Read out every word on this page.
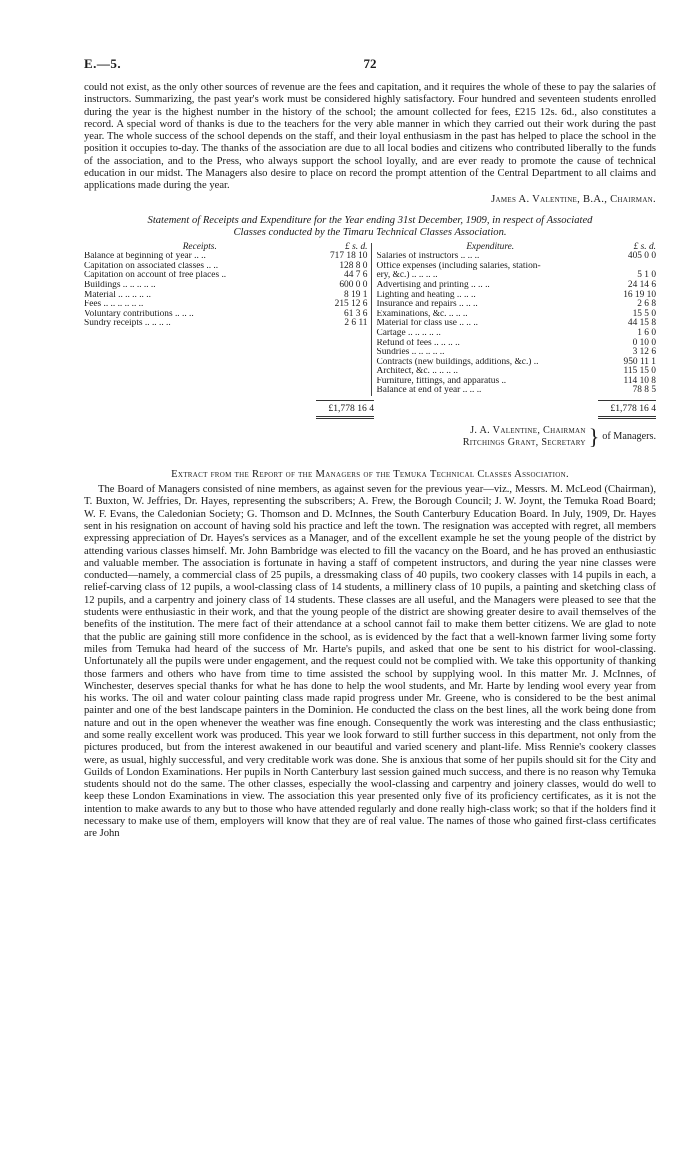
E.—5.	72

could not exist, as the only other sources of revenue are the fees and capitation, and it requires the whole of these to pay the salaries of instructors. Summarizing, the past year's work must be considered highly satisfactory. Four hundred and seventeen students enrolled during the year is the highest number in the history of the school; the amount collected for fees, £215 12s. 6d., also constitutes a record. A special word of thanks is due to the teachers for the very able manner in which they carried out their work during the past year. The whole success of the school depends on the staff, and their loyal enthusiasm in the past has helped to place the school in the position it occupies to-day. The thanks of the association are due to all local bodies and citizens who contributed liberally to the funds of the association, and to the Press, who always support the school loyally, and are ever ready to promote the cause of technical education in our midst. The Managers also desire to place on record the prompt attention of the Central Department to all claims and applications made during the year.

James A. Valentine, B.A., Chairman.
Statement of Receipts and Expenditure for the Year ending 31st December, 1909, in respect of Associated
Classes conducted by the Timaru Technical Classes Association.
Receipts.	£ s. d.
Balance at beginning of year .. ..	717 18 10
Capitation on associated classes .. ..	128 8 0
Capitation on account of free places ..	44 7 6
Buildings .. .. .. .. ..	600 0 0
Material .. .. .. .. ..	8 19 1
Fees .. .. .. .. .. ..	215 12 6
Voluntary contributions .. .. ..	61 3 6
Sundry receipts .. .. .. ..	2 6 11
Expenditure.	£ s. d.
Salaries of instructors .. .. ..	405 0 0
Office expenses (including salaries, station-
ery, &c.) .. .. .. ..	5 1 0
Advertising and printing .. .. ..	24 14 6
Lighting and heating .. .. ..	16 19 10
Insurance and repairs .. .. ..	2 6 8
Examinations, &c. .. .. ..	15 5 0
Material for class use .. .. ..	44 15 8
Cartage .. .. .. .. ..	1 6 0
Refund of fees .. .. .. ..	0 10 0
Sundries .. .. .. .. ..	3 12 6
Contracts (new buildings, additions, &c.) ..	950 11 1
Architect, &c. .. .. .. ..	115 15 0
Furniture, fittings, and apparatus ..	114 10 8
Balance at end of year .. .. ..	78 8 5
£1,778 16 4	£1,778 16 4
J. A. Valentine, Chairman
Ritchings Grant, Secretary } of Managers.
Extract from the Report of the Managers of the Temuka Technical Classes Association.

The Board of Managers consisted of nine members, as against seven for the previous year—viz., Messrs. M. McLeod (Chairman), T. Buxton, W. Jeffries, Dr. Hayes, representing the subscribers; A. Frew, the Borough Council; J. W. Joynt, the Temuka Road Board; W. F. Evans, the Caledonian Society; G. Thomson and D. McInnes, the South Canterbury Education Board. In July, 1909, Dr. Hayes sent in his resignation on account of having sold his practice and left the town. The resignation was accepted with regret, all members expressing appreciation of Dr. Hayes's services as a Manager, and of the excellent example he set the young people of the district by attending various classes himself. Mr. John Bambridge was elected to fill the vacancy on the Board, and he has proved an enthusiastic and valuable member. The association is fortunate in having a staff of competent instructors, and during the year nine classes were conducted—namely, a commercial class of 25 pupils, a dressmaking class of 40 pupils, two cookery classes with 14 pupils in each, a relief-carving class of 12 pupils, a wool-classing class of 14 students, a millinery class of 10 pupils, a painting and sketching class of 12 pupils, and a carpentry and joinery class of 14 students. These classes are all useful, and the Managers were pleased to see that the students were enthusiastic in their work, and that the young people of the district are showing greater desire to avail themselves of the benefits of the institution. The mere fact of their attendance at a school cannot fail to make them better citizens. We are glad to note that the public are gaining still more confidence in the school, as is evidenced by the fact that a well-known farmer living some forty miles from Temuka had heard of the success of Mr. Harte's pupils, and asked that one be sent to his district for wool-classing. Unfortunately all the pupils were under engagement, and the request could not be complied with. We take this opportunity of thanking those farmers and others who have from time to time assisted the school by supplying wool. In this matter Mr. J. McInnes, of Winchester, deserves special thanks for what he has done to help the wool students, and Mr. Harte by lending wool every year from his works. The oil and water colour painting class made rapid progress under Mr. Greene, who is considered to be the best animal painter and one of the best landscape painters in the Dominion. He conducted the class on the best lines, all the work being done from nature and out in the open whenever the weather was fine enough. Consequently the work was interesting and the class enthusiastic; and some really excellent work was produced. This year we look forward to still further success in this department, not only from the pictures produced, but from the interest awakened in our beautiful and varied scenery and plant-life. Miss Rennie's cookery classes were, as usual, highly successful, and very creditable work was done. She is anxious that some of her pupils should sit for the City and Guilds of London Examinations. Her pupils in North Canterbury last session gained much success, and there is no reason why Temuka students should not do the same. The other classes, especially the wool-classing and carpentry and joinery classes, would do well to keep these London Examinations in view. The association this year presented only five of its proficiency certificates, as it is not the intention to make awards to any but to those who have attended regularly and done really high-class work; so that if the holders find it necessary to make use of them, employers will know that they are of real value. The names of those who gained first-class certificates are John
